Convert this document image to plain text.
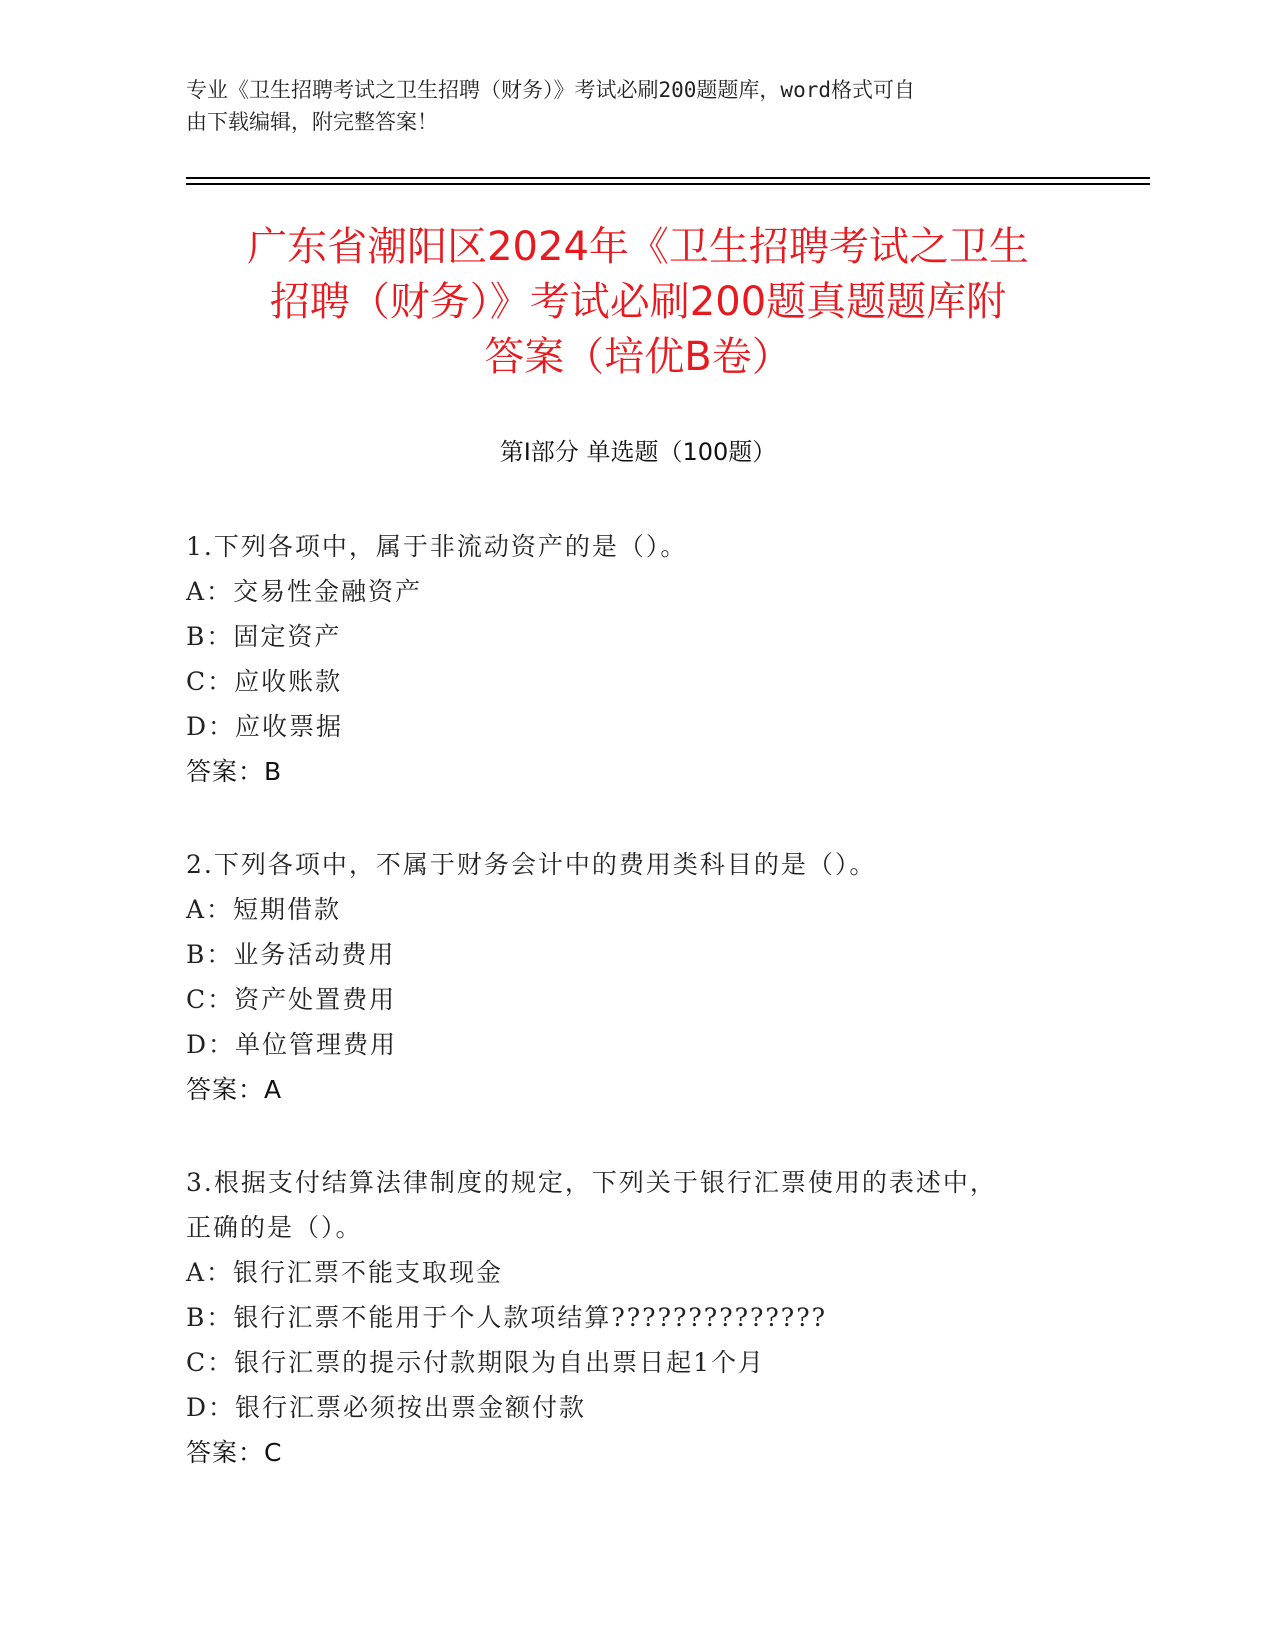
专业《卫生招聘考试之卫生招聘（财务）》考试必刷200题题库，word格式可自
由下载编辑，附完整答案！
广东省潮阳区2024年《卫生招聘考试之卫生
招聘（财务）》考试必刷200题真题题库附
答案（培优B卷）
第Ⅰ部分 单选题（100题）
1.下列各项中，属于非流动资产的是（）。
A：交易性金融资产
B：固定资产
C：应收账款
D：应收票据
答案：B
2.下列各项中，不属于财务会计中的费用类科目的是（）。
A：短期借款
B：业务活动费用
C：资产处置费用
D：单位管理费用
答案：A
3.根据支付结算法律制度的规定，下列关于银行汇票使用的表述中，
正确的是（）。
A：银行汇票不能支取现金
B：银行汇票不能用于个人款项结算??????????????
C：银行汇票的提示付款期限为自出票日起1个月
D：银行汇票必须按出票金额付款
答案：C
